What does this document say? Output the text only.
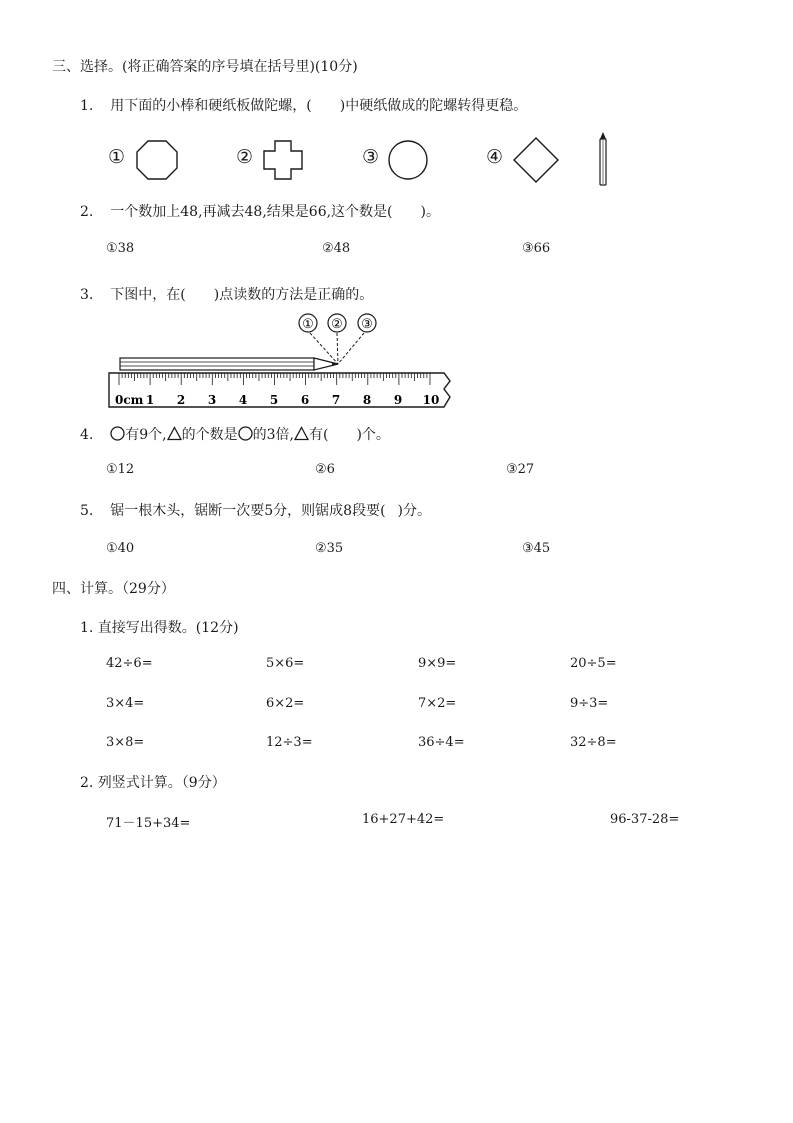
三、选择。(将正确答案的序号填在括号里)(10分)
1. 用下面的小棒和硬纸板做陀螺，( )中硬纸做成的陀螺转得更稳。
①	②	③	④
2. 一个数加上48,再减去48,结果是66,这个数是( )。
①38	②48	③66
3. 下图中，在( )点读数的方法是正确的。
① ② ③
0cm 1 2 3 4 5 6 7 8 9 10
4. 有9个, 的个数是 的3倍, 有( )个。
①12	②6	③27
5. 锯一根木头，锯断一次要5分，则锯成8段要( )分。
①40	②35	③45
四、计算。（29分）
1. 直接写出得数。(12分)
42÷6=	5×6=	9×9=	20÷5=
3×4=	6×2=	7×2=	9÷3=
3×8=	12÷3=	36÷4=	32÷8=
2. 列竖式计算。（9分）
71－15+34=	16+27+42=	96-37-28=
